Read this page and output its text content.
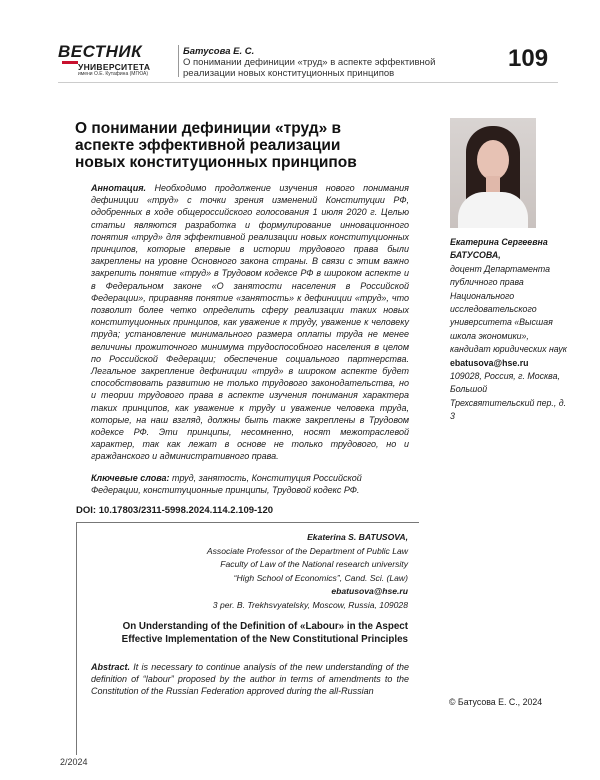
ВЕСТНИК
УНИВЕРСИТЕТА
имени О.Е. Кутафина (МГЮА)
Батусова Е. С.
О понимании дефиниции «труд» в аспекте эффективной реализации новых конституционных принципов
109
О понимании дефиниции «труд» в аспекте эффективной реализации новых конституционных принципов
Екатерина Сергеевна БАТУСОВА,
доцент Департамента публичного права Национального исследовательского университета «Высшая школа экономики», кандидат юридических наук
ebatusova@hse.ru
109028, Россия, г. Москва, Большой Трехсвятительский пер., д. 3
Аннотация. Необходимо продолжение изучения нового понимания дефиниции «труд» с точки зрения изменений Конституции РФ, одобренных в ходе общероссийского голосования 1 июля 2020 г. Целью статьи являются разработка и формулирование инновационного понятия «труд» для эффективной реализации новых конституционных принципов, которые впервые в истории трудового права были закреплены на уровне Основного закона страны. В связи с этим важно закрепить понятие «труд» в Трудовом кодексе РФ в широком аспекте и в Федеральном законе «О занятости населения в Российской Федерации», приравняв понятие «занятость» к дефиниции «труд», что позволит более четко определить сферу реализации таких новых конституционных принципов, как уважение к труду, уважение к человеку труда; установление минимального размера оплаты труда не менее величины прожиточного минимума трудоспособного населения в целом по Российской Федерации; обеспечение социального партнерства. Легальное закрепление дефиниции «труд» в широком аспекте будет способствовать развитию не только трудового законодательства, но и теории трудового права в аспекте изучения понимания характера таких принципов, как уважение к труду и уважение человека труда, которые, на наш взгляд, должны быть также закреплены в Трудовом кодексе РФ. Эти принципы, несомненно, носят межотраслевой характер, так как лежат в основе не только трудового, но и гражданского и административного права.
Ключевые слова: труд, занятость, Конституция Российской Федерации, конституционные принципы, Трудовой кодекс РФ.
DOI: 10.17803/2311-5998.2024.114.2.109-120
Ekaterina S. BATUSOVA,
Associate Professor of the Department of Public Law
Faculty of Law of the National research university
“High School of Economics”, Cand. Sci. (Law)
ebatusova@hse.ru
3 per. B. Trekhsvyatelsky, Moscow, Russia, 109028
On Understanding of the Definition of «Labour» in the Aspect Effective Implementation of the New Constitutional Principles
Abstract. It is necessary to continue analysis of the new understanding of the definition of “labour” proposed by the author in terms of amendments to the Constitution of the Russian Federation approved during the all-Russian
© Батусова Е. С., 2024
2/2024
